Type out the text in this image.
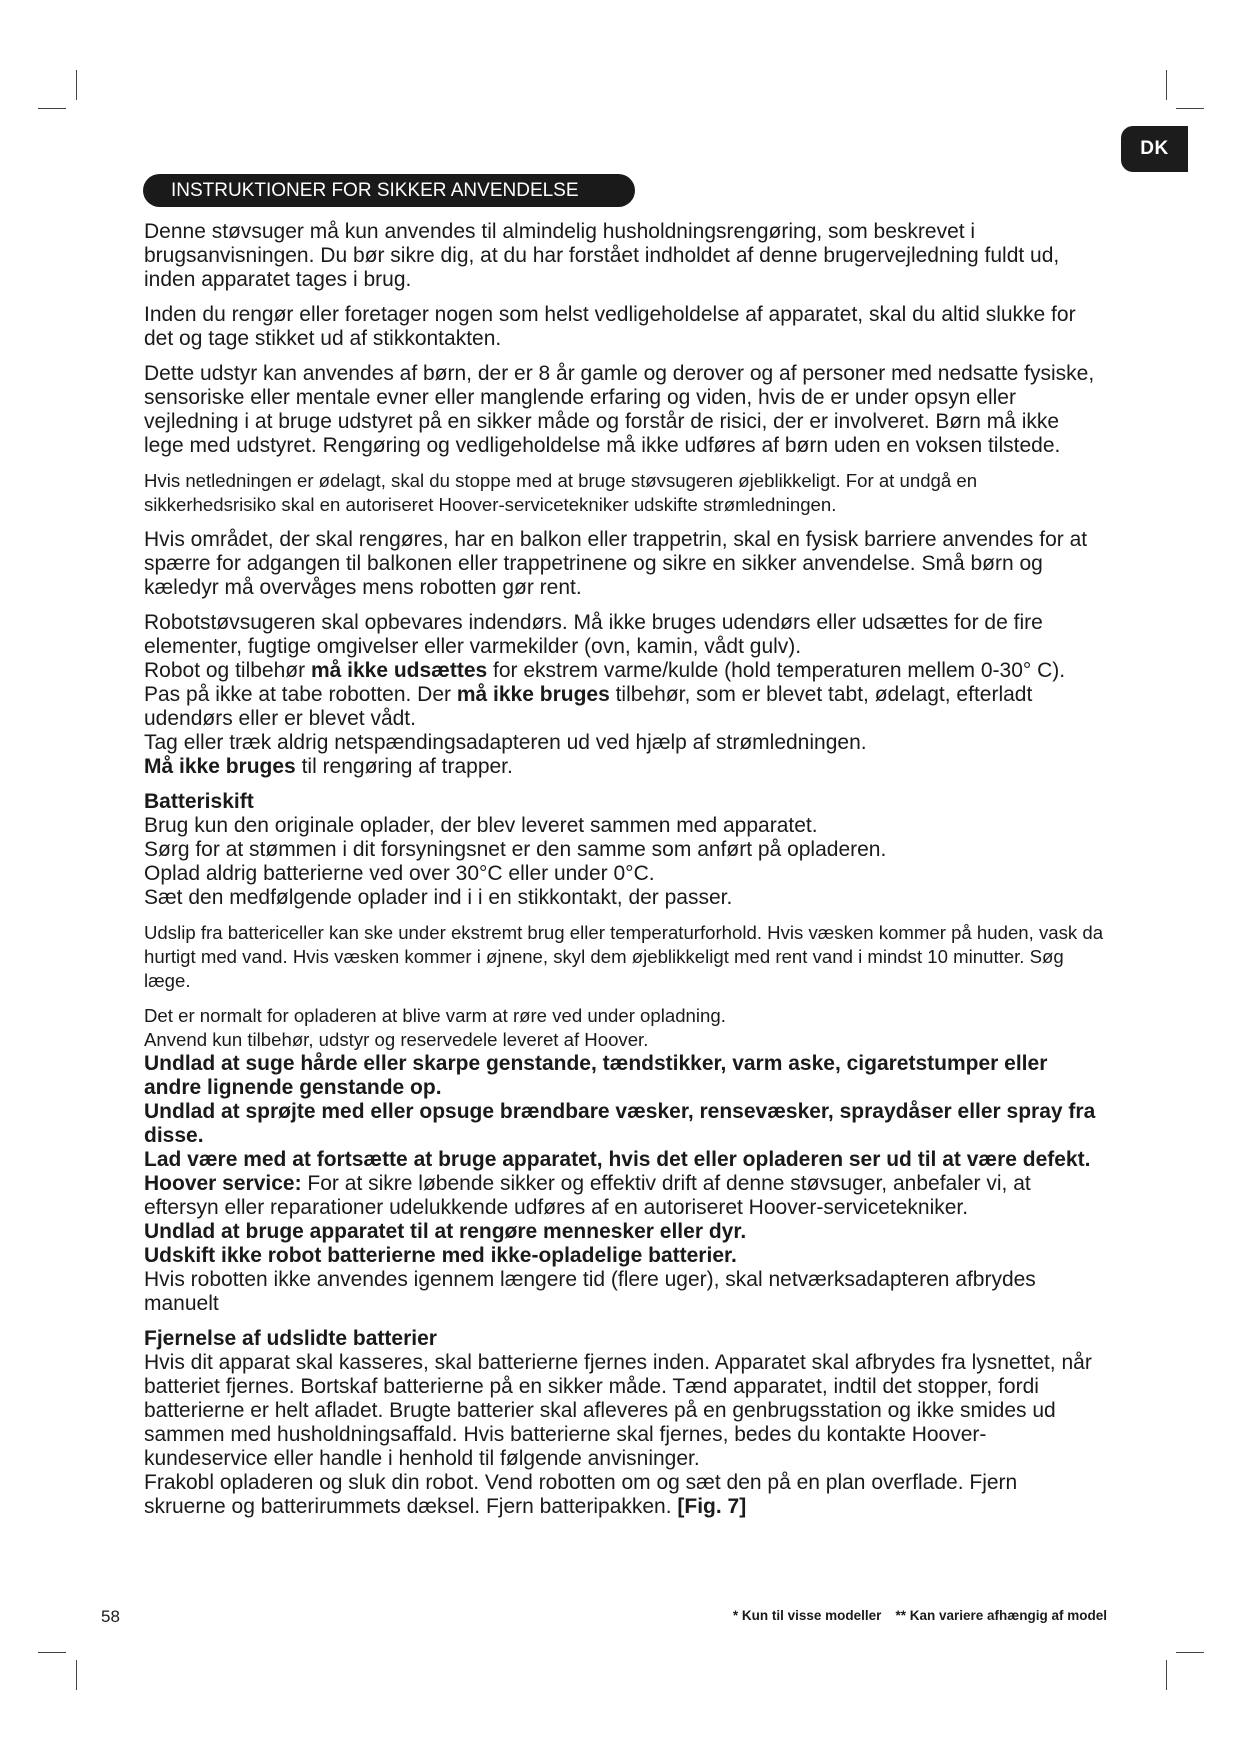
DK
INSTRUKTIONER FOR SIKKER ANVENDELSE

Denne støvsuger må kun anvendes til almindelig husholdningsrengøring, som beskrevet i brugsanvisningen. Du bør sikre dig, at du har forstået indholdet af denne brugervejledning fuldt ud, inden apparatet tages i brug.

Inden du rengør eller foretager nogen som helst vedligeholdelse af apparatet, skal du altid slukke for det og tage stikket ud af stikkontakten.

Dette udstyr kan anvendes af børn, der er 8 år gamle og derover og af personer med nedsatte fysiske, sensoriske eller mentale evner eller manglende erfaring og viden, hvis de er under opsyn eller vejledning i at bruge udstyret på en sikker måde og forstår de risici, der er involveret. Børn må ikke lege med udstyret. Rengøring og vedligeholdelse må ikke udføres af børn uden en voksen tilstede.

Hvis netledningen er ødelagt, skal du stoppe med at bruge støvsugeren øjeblikkeligt. For at undgå en sikkerhedsrisiko skal en autoriseret Hoover-servicetekniker udskifte strømledningen.

Hvis området, der skal rengøres, har en balkon eller trappetrin, skal en fysisk barriere anvendes for at spærre for adgangen til balkonen eller trappetrinene og sikre en sikker anvendelse. Små børn og kæledyr må overvåges mens robotten gør rent.

Robotstøvsugeren skal opbevares indendørs. Må ikke bruges udendørs eller udsættes for de fire elementer, fugtige omgivelser eller varmekilder (ovn, kamin, vådt gulv).

Robot og tilbehør må ikke udsættes for ekstrem varme/kulde (hold temperaturen mellem 0-30° C).

Pas på ikke at tabe robotten. Der må ikke bruges tilbehør, som er blevet tabt, ødelagt, efterladt udendørs eller er blevet vådt.

Tag eller træk aldrig netspændingsadapteren ud ved hjælp af strømledningen.

Må ikke bruges til rengøring af trapper.

Batteriskift

Brug kun den originale oplader, der blev leveret sammen med apparatet.

Sørg for at stømmen i dit forsyningsnet er den samme som anført på opladeren.

Oplad aldrig batterierne ved over 30°C eller under 0°C.

Sæt den medfølgende oplader ind i i en stikkontakt, der passer.

Udslip fra battericeller kan ske under ekstremt brug eller temperaturforhold. Hvis væsken kommer på huden, vask da hurtigt med vand. Hvis væsken kommer i øjnene, skyl dem øjeblikkeligt med rent vand i mindst 10 minutter. Søg læge.

Det er normalt for opladeren at blive varm at røre ved under opladning.

Anvend kun tilbehør, udstyr og reservedele leveret af Hoover.

Undlad at suge hårde eller skarpe genstande, tændstikker, varm aske, cigaretstumper eller andre lignende genstande op.

Undlad at sprøjte med eller opsuge brændbare væsker, rensevæsker, spraydåser eller spray fra disse.

Lad være med at fortsætte at bruge apparatet, hvis det eller opladeren ser ud til at være defekt.

Hoover service: For at sikre løbende sikker og effektiv drift af denne støvsuger, anbefaler vi, at eftersyn eller reparationer udelukkende udføres af en autoriseret Hoover-servicetekniker.

Undlad at bruge apparatet til at rengøre mennesker eller dyr.

Udskift ikke robot batterierne med ikke-opladelige batterier.

Hvis robotten ikke anvendes igennem længere tid (flere uger), skal netværksadapteren afbrydes manuelt

Fjernelse af udslidte batterier

Hvis dit apparat skal kasseres, skal batterierne fjernes inden. Apparatet skal afbrydes fra lysnettet, når batteriet fjernes. Bortskaf batterierne på en sikker måde. Tænd apparatet, indtil det stopper, fordi batterierne er helt afladet. Brugte batterier skal afleveres på en genbrugsstation og ikke smides ud sammen med husholdningsaffald. Hvis batterierne skal fjernes, bedes du kontakte Hoover-kundeservice eller handle i henhold til følgende anvisninger.

Frakobl opladeren og sluk din robot. Vend robotten om og sæt den på en plan overflade. Fjern skruerne og batterirummets dæksel. Fjern batteripakken. [Fig. 7]

58	* Kun til visse modeller ** Kan variere afhængig af model
